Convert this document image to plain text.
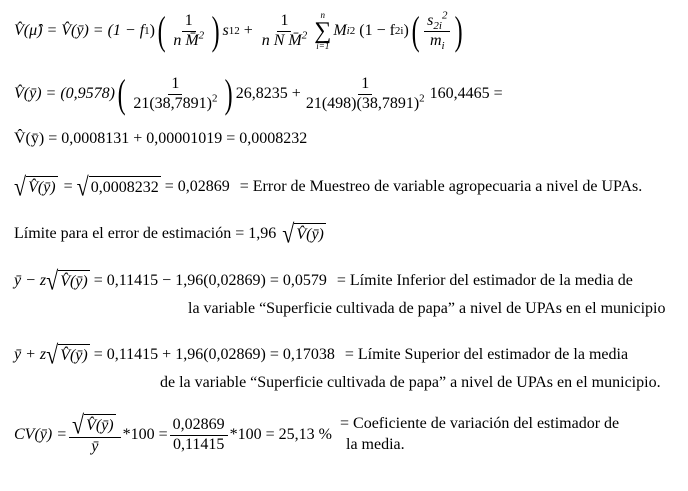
V̂(μ̂) = V̂(ȳ) = (1 − f 1 ) ( $\frac{1}{n M̄^2}$ ) s 1 $2 + \frac{1}{n N M̄^2}$ n
∑
i=1
M i 2 (1 − f 2i ) ( $\frac{s_{2i}^2}{m_i}$ )
V̂(ȳ) = (0,9578) ( $\frac{1}{21(38,7891)^2}$ ) $26,8235 + \frac{1}{21(498)(38,7891)^2} 160,4465$ =
V̂(ȳ) = 0,0008131 + 0,00001019 = 0,0008232
√ V̂(ȳ) = √ 0,0008232 = 0,02869 = Error de Muestreo de variable agropecuaria a nivel de UPAs.
Límite para el error de estimación = 1,96 √ V̂(ȳ)
ȳ − z √ V̂(ȳ) = 0,11415 − 1,96(0,02869) = 0,0579 = Límite Inferior del estimador de la media de
la variable “Superficie cultivada de papa” a nivel de UPAs en el municipio
ȳ + z √ V̂(ȳ) = 0,11415 + 1,96(0,02869) = 0,17038 = Límite Superior del estimador de la media
de la variable “Superficie cultivada de papa” a nivel de UPAs en el municipio.
CV(ȳ) = $\frac{√ V̂(ȳ)}{ȳ} *100 = \frac{0,02869}{0,11415} *100 = 25,13$ %
= Coeficiente de variación del estimador de
la media.
